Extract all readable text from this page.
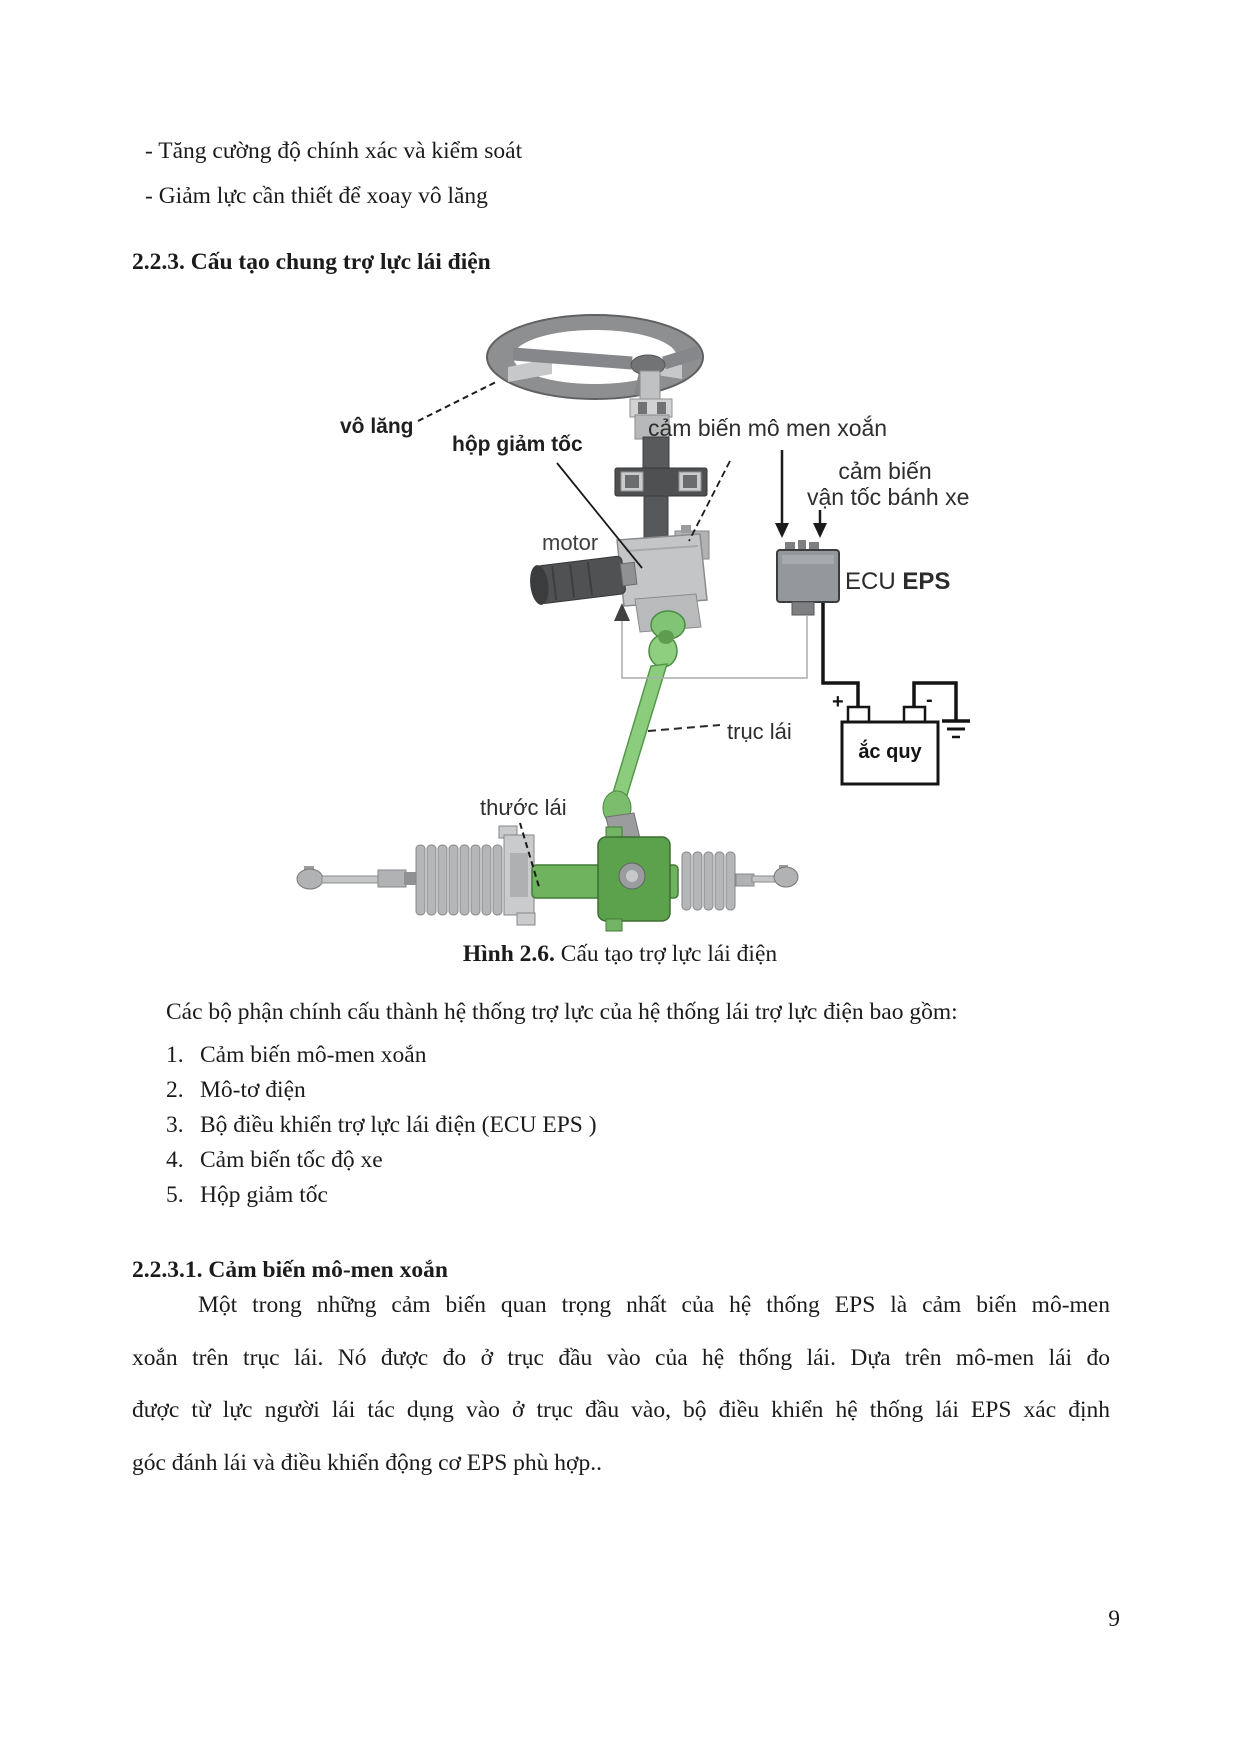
- Tăng cường độ chính xác và kiểm soát
- Giảm lực cần thiết để xoay vô lăng
2.2.3. Cấu tạo chung trợ lực lái điện
vô lăng
hộp giảm tốc
cảm biến mô men xoắn
cảm biến
vận tốc bánh xe
motor
ECU EPS
trục lái
+	-
ắc quy
thước lái
Hình 2.6. Cấu tạo trợ lực lái điện
Các bộ phận chính cấu thành hệ thống trợ lực của hệ thống lái trợ lực điện bao gồm:
1. Cảm biến mô-men xoắn
2. Mô-tơ điện
3. Bộ điều khiển trợ lực lái điện (ECU EPS )
4. Cảm biến tốc độ xe
5. Hộp giảm tốc
2.2.3.1. Cảm biến mô-men xoắn
Một trong những cảm biến quan trọng nhất của hệ thống EPS là cảm biến mô-men
xoắn trên trục lái. Nó được đo ở trục đầu vào của hệ thống lái. Dựa trên mô-men lái đo
được từ lực người lái tác dụng vào ở trục đầu vào, bộ điều khiển hệ thống lái EPS xác định
góc đánh lái và điều khiển động cơ EPS phù hợp..
9
